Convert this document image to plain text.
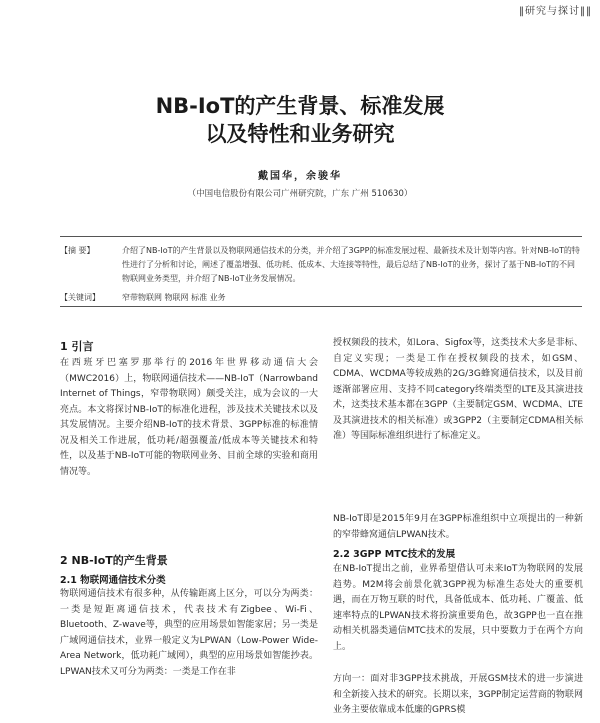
‖研究与探讨‖‖
NB-IoT的产生背景、标准发展
以及特性和业务研究
戴国华，余骏华
（中国电信股份有限公司广州研究院，广东 广州 510630）
【摘 要】	介绍了NB-IoT的产生背景以及物联网通信技术的分类，并介绍了3GPP的标准发展过程、最新技术及计划等内容。针对NB-IoT的特性进行了分析和讨论，阐述了覆盖增强、低功耗、低成本、大连接等特性，最后总结了NB-IoT的业务，探讨了基于NB-IoT的不同物联网业务类型，并介绍了NB-IoT业务发展情况。
【关键词】	窄带物联网 物联网 标准 业务
1 引言
在西班牙巴塞罗那举行的2016年世界移动通信大会（MWC2016）上，物联网通信技术——NB-IoT（Narrowband Internet of Things，窄带物联网）颇受关注，成为会议的一大亮点。本文将探讨NB-IoT的标准化进程，涉及技术关键技术以及其发展情况。主要介绍NB-IoT的技术背景、3GPP标准的标准情况及相关工作进展，低功耗/超强覆盖/低成本等关键技术和特性，以及基于NB-IoT可能的物联网业务、目前全球的实验和商用情况等。
2 NB-IoT的产生背景
2.1 物联网通信技术分类
物联网通信技术有很多种，从传输距离上区分，可以分为两类：一类是短距离通信技术，代表技术有Zigbee、Wi-Fi、Bluetooth、Z-wave等，典型的应用场景如智能家居；另一类是广域网通信技术，业界一般定义为LPWAN（Low-Power Wide-Area Network，低功耗广域网），典型的应用场景如智能抄表。LPWAN技术又可分为两类：一类是工作在非
授权频段的技术，如Lora、Sigfox等，这类技术大多是非标、自定义实现；一类是工作在授权频段的技术，如GSM、CDMA、WCDMA等较成熟的2G/3G蜂窝通信技术，以及目前逐渐部署应用、支持不同category终端类型的LTE及其演进技术，这类技术基本都在3GPP（主要制定GSM、WCDMA、LTE及其演进技术的相关标准）或3GPP2（主要制定CDMA相关标准）等国际标准组织进行了标准定义。
NB-IoT即是2015年9月在3GPP标准组织中立项提出的一种新的窄带蜂窝通信LPWAN技术。
2.2 3GPP MTC技术的发展
在NB-IoT提出之前，业界希望借认可未来IoT为物联网的发展趋势。M2M将会前景化就3GPP视为标准生态处大的重要机遇，而在万物互联的时代，具备低成本、低功耗、广覆盖、低速率特点的LPWAN技术将扮演重要角色，故3GPP也一直在推动相关机器类通信MTC技术的发展，只中要数力于在两个方向上。
方向一：面对非3GPP技术挑战，开展GSM技术的进一步演进和全新接入技术的研究。长期以来，3GPP制定运营商的物联网业务主要依靠成本低廉的GPRS模
